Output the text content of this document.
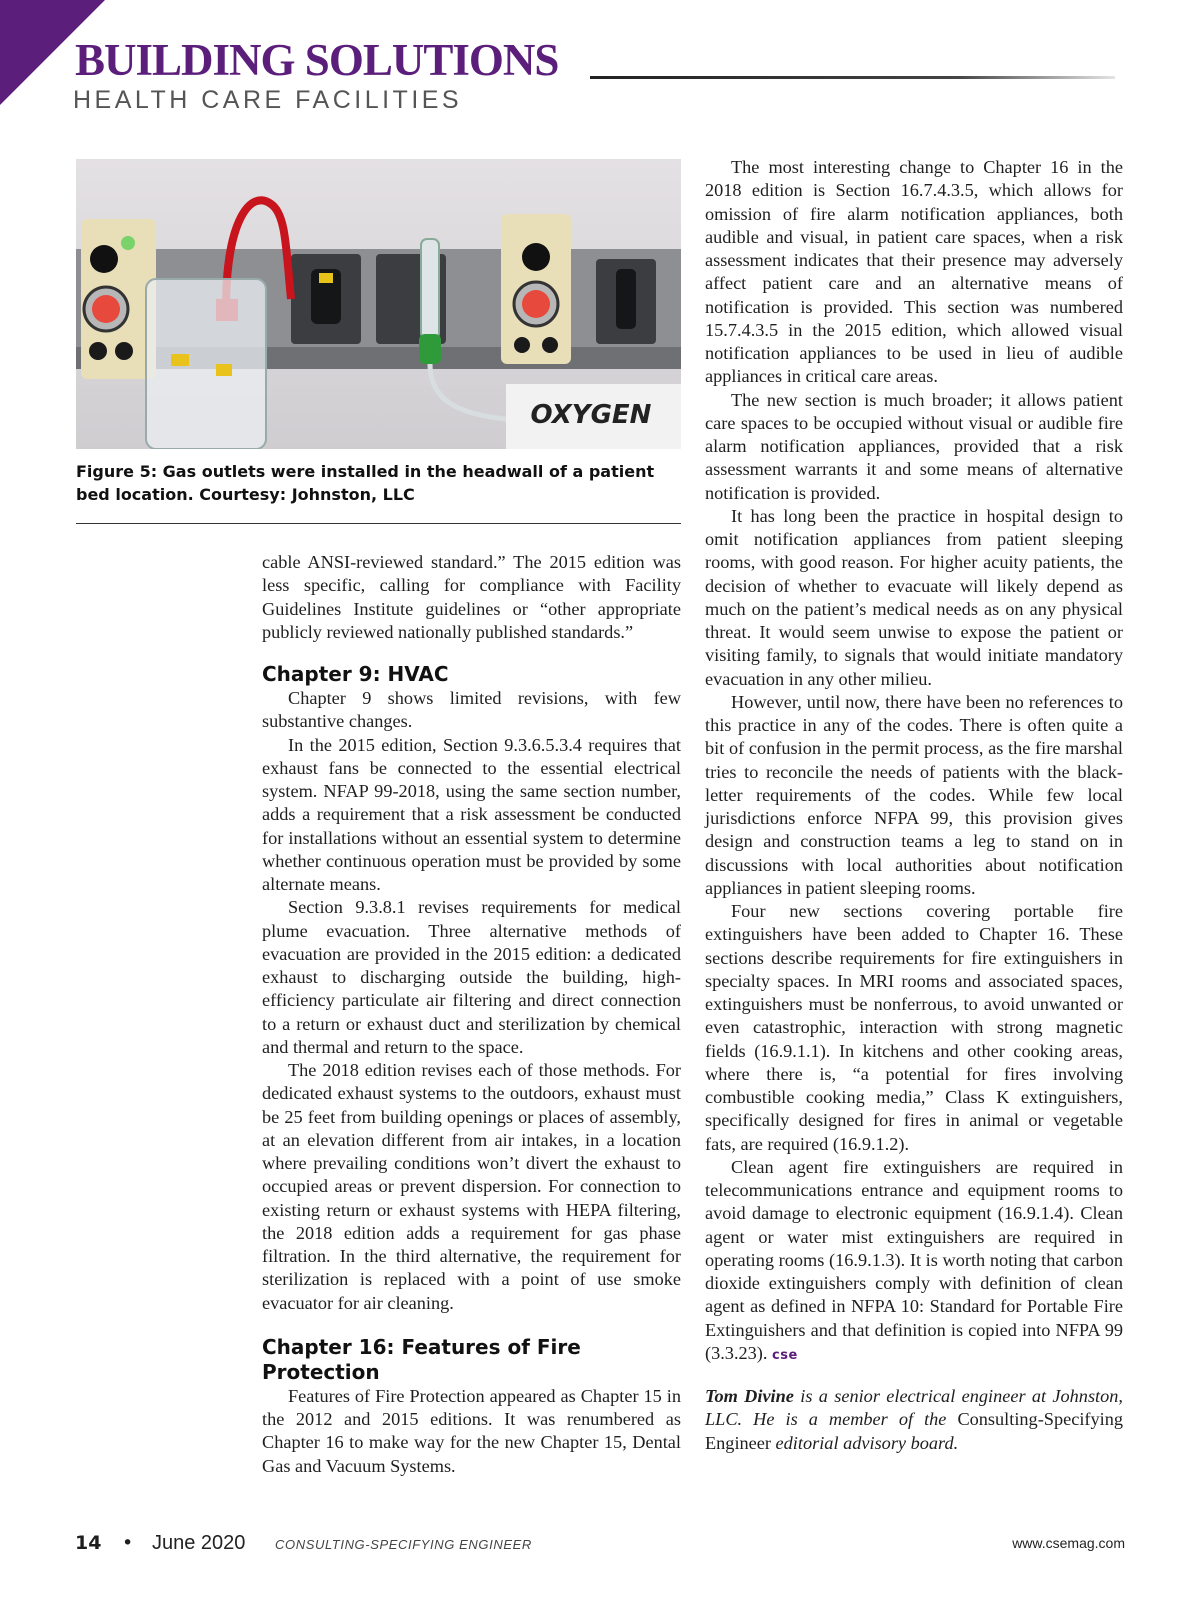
BUILDING SOLUTIONS
HEALTH CARE FACILITIES
OXYGEN
Figure 5: Gas outlets were installed in the headwall of a patient bed location. Courtesy: Johnston, LLC

cable ANSI-reviewed standard.” The 2015 edition was less specific, calling for compliance with Facility Guidelines Institute guidelines or “other appropriate publicly reviewed nationally published standards.”

Chapter 9: HVAC

Chapter 9 shows limited revisions, with few substantive changes.

In the 2015 edition, Section 9.3.6.5.3.4 requires that exhaust fans be connected to the essential electrical system. NFAP 99-2018, using the same section number, adds a requirement that a risk assessment be conducted for installations without an essential system to determine whether continuous operation must be provided by some alternate means.

Section 9.3.8.1 revises requirements for medical plume evacuation. Three alternative methods of evacuation are provided in the 2015 edition: a dedicated exhaust to discharging outside the building, high-efficiency particulate air filtering and direct connection to a return or exhaust duct and sterilization by chemical and thermal and return to the space.

The 2018 edition revises each of those methods. For dedicated exhaust systems to the outdoors, exhaust must be 25 feet from building openings or places of assembly, at an elevation different from air intakes, in a location where prevailing conditions won’t divert the exhaust to occupied areas or prevent dispersion. For connection to existing return or exhaust systems with HEPA filtering, the 2018 edition adds a requirement for gas phase filtration. In the third alternative, the requirement for sterilization is replaced with a point of use smoke evacuator for air cleaning.

Chapter 16: Features of Fire Protection

Features of Fire Protection appeared as Chapter 15 in the 2012 and 2015 editions. It was renumbered as Chapter 16 to make way for the new Chapter 15, Dental Gas and Vacuum Systems.

The most interesting change to Chapter 16 in the 2018 edition is Section 16.7.4.3.5, which allows for omission of fire alarm notification appliances, both audible and visual, in patient care spaces, when a risk assessment indicates that their presence may adversely affect patient care and an alternative means of notification is provided. This section was numbered 15.7.4.3.5 in the 2015 edition, which allowed visual notification appliances to be used in lieu of audible appliances in critical care areas.

The new section is much broader; it allows patient care spaces to be occupied without visual or audible fire alarm notification appliances, provided that a risk assessment warrants it and some means of alternative notification is provided.

It has long been the practice in hospital design to omit notification appliances from patient sleeping rooms, with good reason. For higher acuity patients, the decision of whether to evacuate will likely depend as much on the patient’s medical needs as on any physical threat. It would seem unwise to expose the patient or visiting family, to signals that would initiate mandatory evacuation in any other milieu.

However, until now, there have been no references to this practice in any of the codes. There is often quite a bit of confusion in the permit process, as the fire marshal tries to reconcile the needs of patients with the black-letter requirements of the codes. While few local jurisdictions enforce NFPA 99, this provision gives design and construction teams a leg to stand on in discussions with local authorities about notification appliances in patient sleeping rooms.

Four new sections covering portable fire extinguishers have been added to Chapter 16. These sections describe requirements for fire extinguishers in specialty spaces. In MRI rooms and associated spaces, extinguishers must be nonferrous, to avoid unwanted or even catastrophic, interaction with strong magnetic fields (16.9.1.1). In kitchens and other cooking areas, where there is, “a potential for fires involving combustible cooking media,” Class K extinguishers, specifically designed for fires in animal or vegetable fats, are required (16.9.1.2).

Clean agent fire extinguishers are required in telecommunications entrance and equipment rooms to avoid damage to electronic equipment (16.9.1.4). Clean agent or water mist extinguishers are required in operating rooms (16.9.1.3). It is worth noting that carbon dioxide extinguishers comply with definition of clean agent as defined in NFPA 10: Standard for Portable Fire Extinguishers and that definition is copied into NFPA 99 (3.3.23). cse

Tom Divine is a senior electrical engineer at Johnston, LLC. He is a member of the Consulting-Specifying Engineer editorial advisory board.

14 • June 2020 CONSULTING-SPECIFYING ENGINEER	www.csemag.com
